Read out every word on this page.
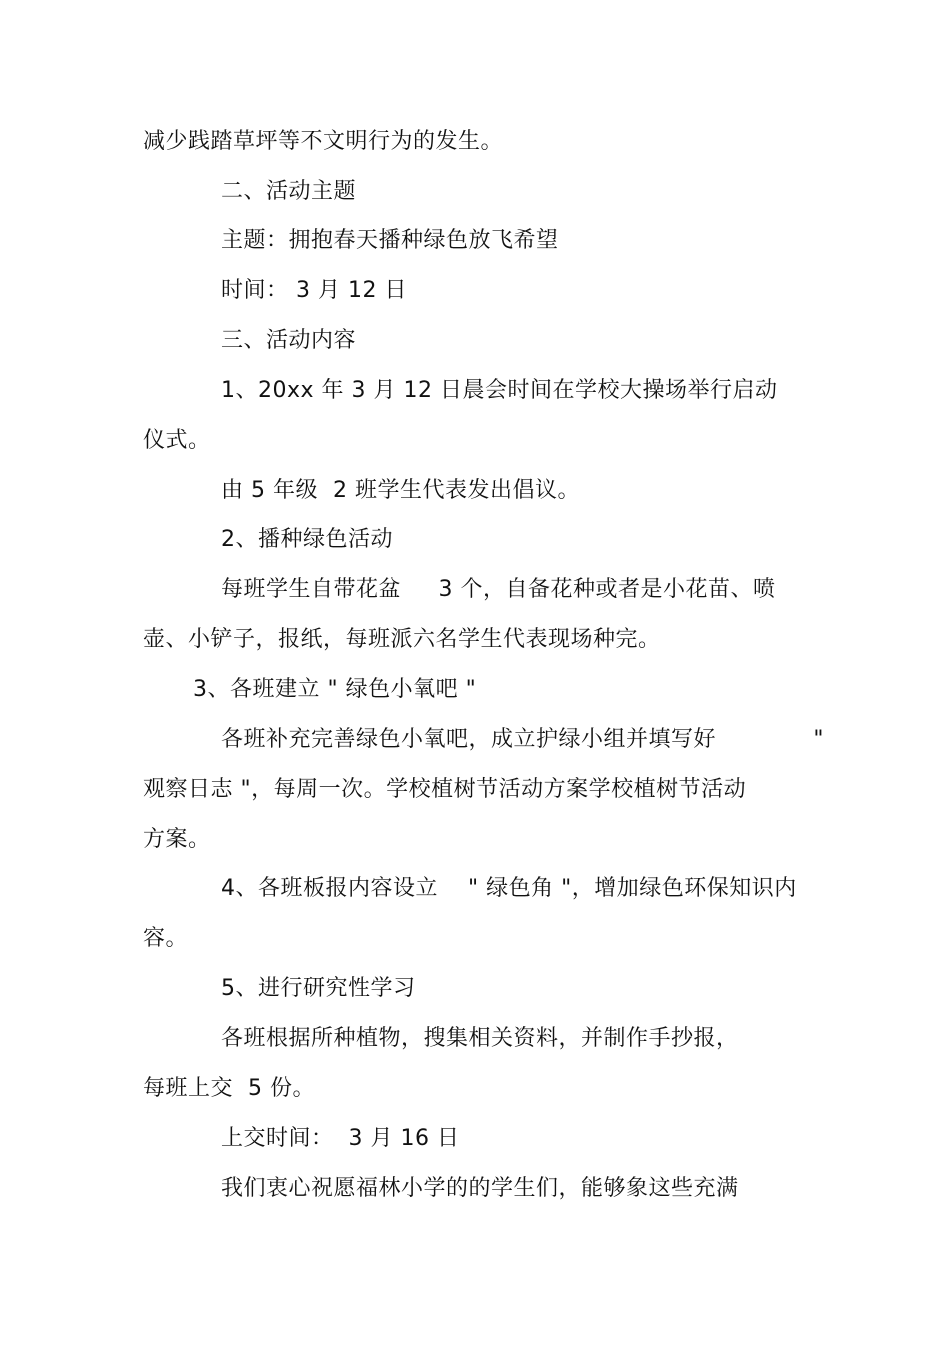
减少践踏草坪等不文明行为的发生。
二、活动主题
主题：拥抱春天播种绿色放飞希望
时间： 3 月 12 日
三、活动内容
1、20xx 年 3 月 12 日晨会时间在学校大操场举行启动
仪式。
由 5 年级  2 班学生代表发出倡议。
2、播种绿色活动
每班学生自带花盆     3 个，自备花种或者是小花苗、喷
壶、小铲子，报纸，每班派六名学生代表现场种完。
3、各班建立 " 绿色小氧吧 "
各班补充完善绿色小氧吧，成立护绿小组并填写好             "
观察日志 "，每周一次。学校植树节活动方案学校植树节活动
方案。
4、各班板报内容设立    " 绿色角 "，增加绿色环保知识内
容。
5、进行研究性学习
各班根据所种植物，搜集相关资料，并制作手抄报，
每班上交  5 份。
上交时间：  3 月 16 日
我们衷心祝愿福林小学的的学生们，能够象这些充满
